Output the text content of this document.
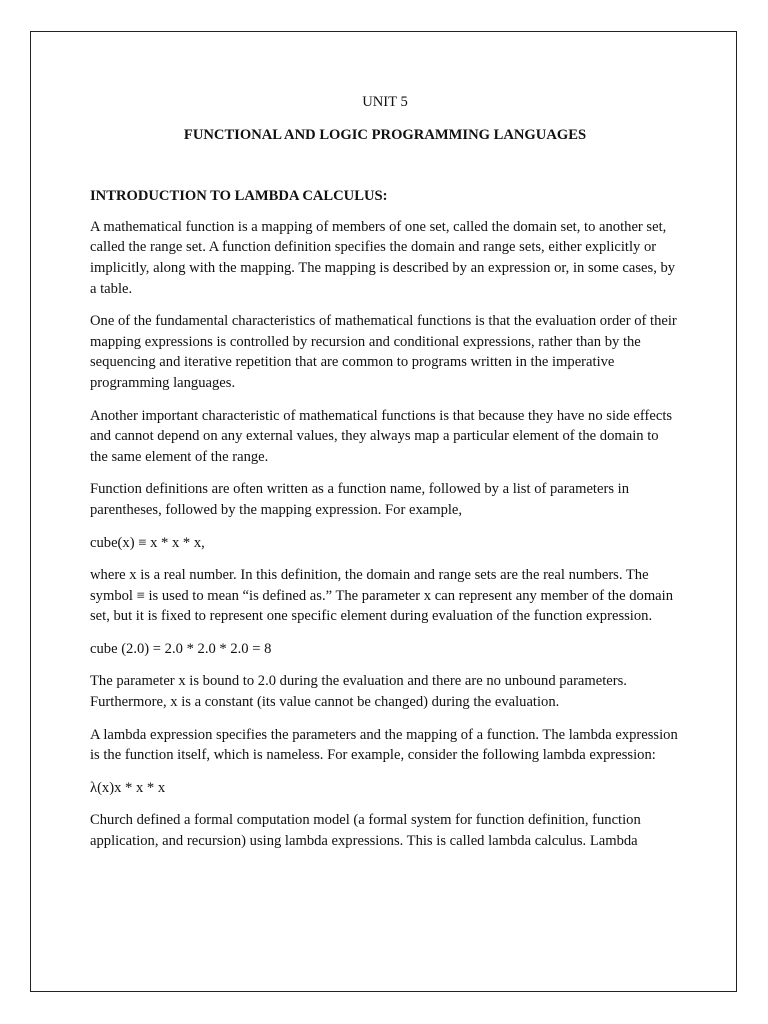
UNIT 5

FUNCTIONAL AND LOGIC PROGRAMMING LANGUAGES

INTRODUCTION TO LAMBDA CALCULUS:

A mathematical function is a mapping of members of one set, called the domain set, to another set, called the range set. A function definition specifies the domain and range sets, either explicitly or implicitly, along with the mapping. The mapping is described by an expression or, in some cases, by a table.

One of the fundamental characteristics of mathematical functions is that the evaluation order of their mapping expressions is controlled by recursion and conditional expressions, rather than by the sequencing and iterative repetition that are common to programs written in the imperative programming languages.

Another important characteristic of mathematical functions is that because they have no side effects and cannot depend on any external values, they always map a particular element of the domain to the same element of the range.

Function definitions are often written as a function name, followed by a list of parameters in parentheses, followed by the mapping expression. For example,

cube(x) ≡ x * x * x,

where x is a real number. In this definition, the domain and range sets are the real numbers. The symbol ≡ is used to mean “is defined as.” The parameter x can represent any member of the domain set, but it is fixed to represent one specific element during evaluation of the function expression.

cube (2.0) = 2.0 * 2.0 * 2.0 = 8

The parameter x is bound to 2.0 during the evaluation and there are no unbound parameters. Furthermore, x is a constant (its value cannot be changed) during the evaluation.

A lambda expression specifies the parameters and the mapping of a function. The lambda expression is the function itself, which is nameless. For example, consider the following lambda expression:

λ(x)x * x * x

Church defined a formal computation model (a formal system for function definition, function application, and recursion) using lambda expressions. This is called lambda calculus. Lambda
